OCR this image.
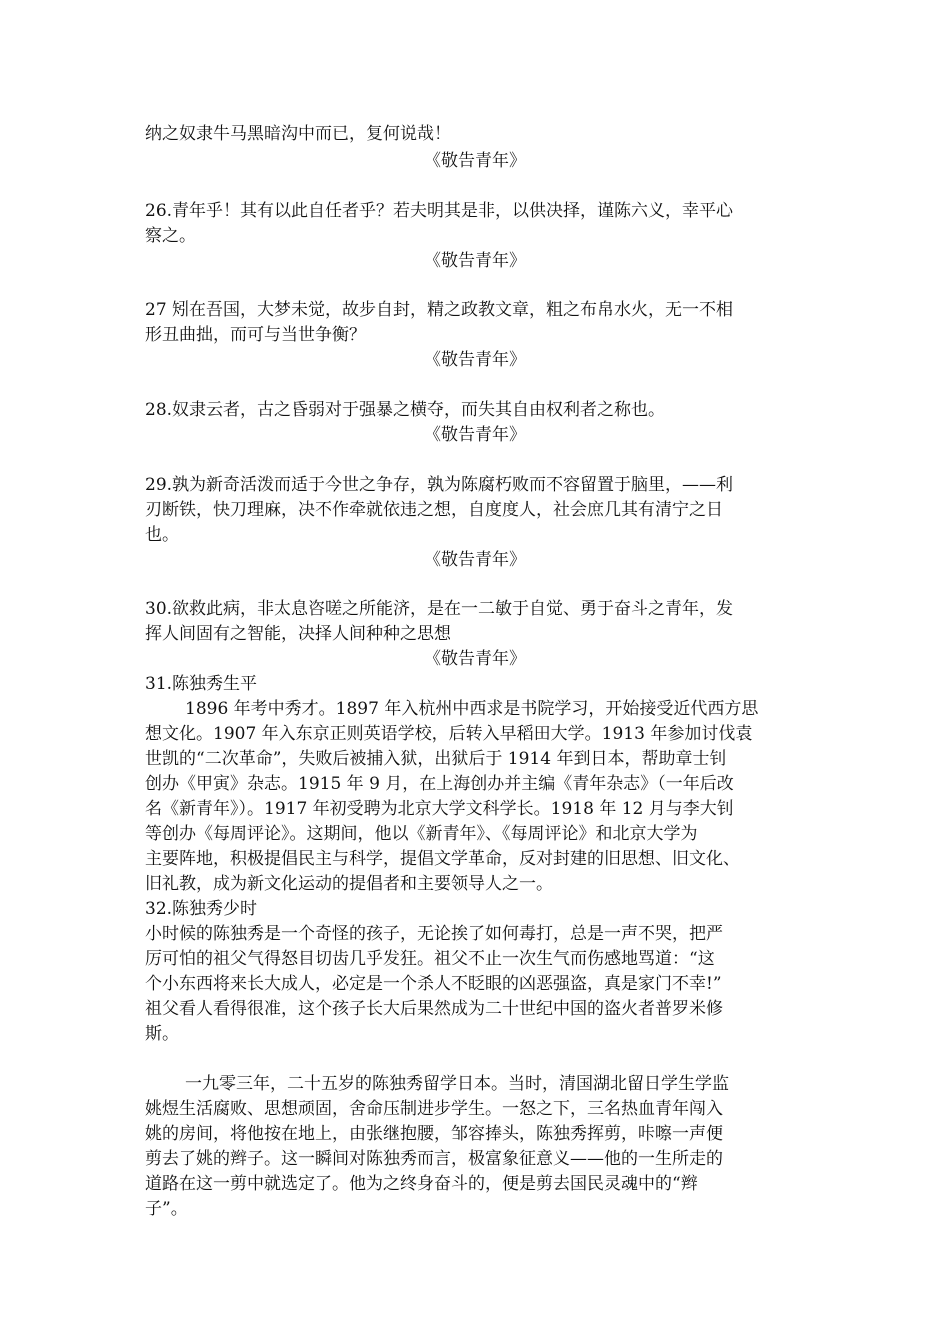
纳之奴隶牛马黑暗沟中而已，复何说哉！
《敬告青年》
26.青年乎！其有以此自任者乎？若夫明其是非，以供决择，谨陈六义，幸平心
察之。
《敬告青年》
27 矧在吾国，大梦未觉，故步自封，精之政教文章，粗之布帛水火，无一不相
形丑曲拙，而可与当世争衡？
《敬告青年》
28.奴隶云者，古之昏弱对于强暴之横夺，而失其自由权利者之称也。
《敬告青年》
29.孰为新奇活泼而适于今世之争存，孰为陈腐朽败而不容留置于脑里，——利
刃断铁，快刀理麻，决不作牵就依违之想，自度度人，社会庶几其有清宁之日
也。
《敬告青年》
30.欲救此病，非太息咨嗟之所能济，是在一二敏于自觉、勇于奋斗之青年，发
挥人间固有之智能，决择人间种种之思想
《敬告青年》
31.陈独秀生平
1896 年考中秀才。1897 年入杭州中西求是书院学习，开始接受近代西方思
想文化。1907 年入东京正则英语学校，后转入早稻田大学。1913 年参加讨伐袁
世凯的“二次革命”，失败后被捕入狱，出狱后于 1914 年到日本，帮助章士钊
创办《甲寅》杂志。1915 年 9 月，在上海创办并主编《青年杂志》（一年后改
名《新青年》）。1917 年初受聘为北京大学文科学长。1918 年 12 月与李大钊
等创办《每周评论》。这期间，他以《新青年》、《每周评论》和北京大学为
主要阵地，积极提倡民主与科学，提倡文学革命，反对封建的旧思想、旧文化、
旧礼教，成为新文化运动的提倡者和主要领导人之一。
32.陈独秀少时
小时候的陈独秀是一个奇怪的孩子，无论挨了如何毒打，总是一声不哭，把严
厉可怕的祖父气得怒目切齿几乎发狂。祖父不止一次生气而伤感地骂道：“这
个小东西将来长大成人，必定是一个杀人不眨眼的凶恶强盗，真是家门不幸!”
祖父看人看得很准，这个孩子长大后果然成为二十世纪中国的盗火者普罗米修
斯。
一九零三年，二十五岁的陈独秀留学日本。当时，清国湖北留日学生学监
姚煜生活腐败、思想顽固，舍命压制进步学生。一怒之下，三名热血青年闯入
姚的房间，将他按在地上，由张继抱腰，邹容捧头，陈独秀挥剪，咔嚓一声便
剪去了姚的辫子。这一瞬间对陈独秀而言，极富象征意义——他的一生所走的
道路在这一剪中就选定了。他为之终身奋斗的，便是剪去国民灵魂中的“辫
子”。
